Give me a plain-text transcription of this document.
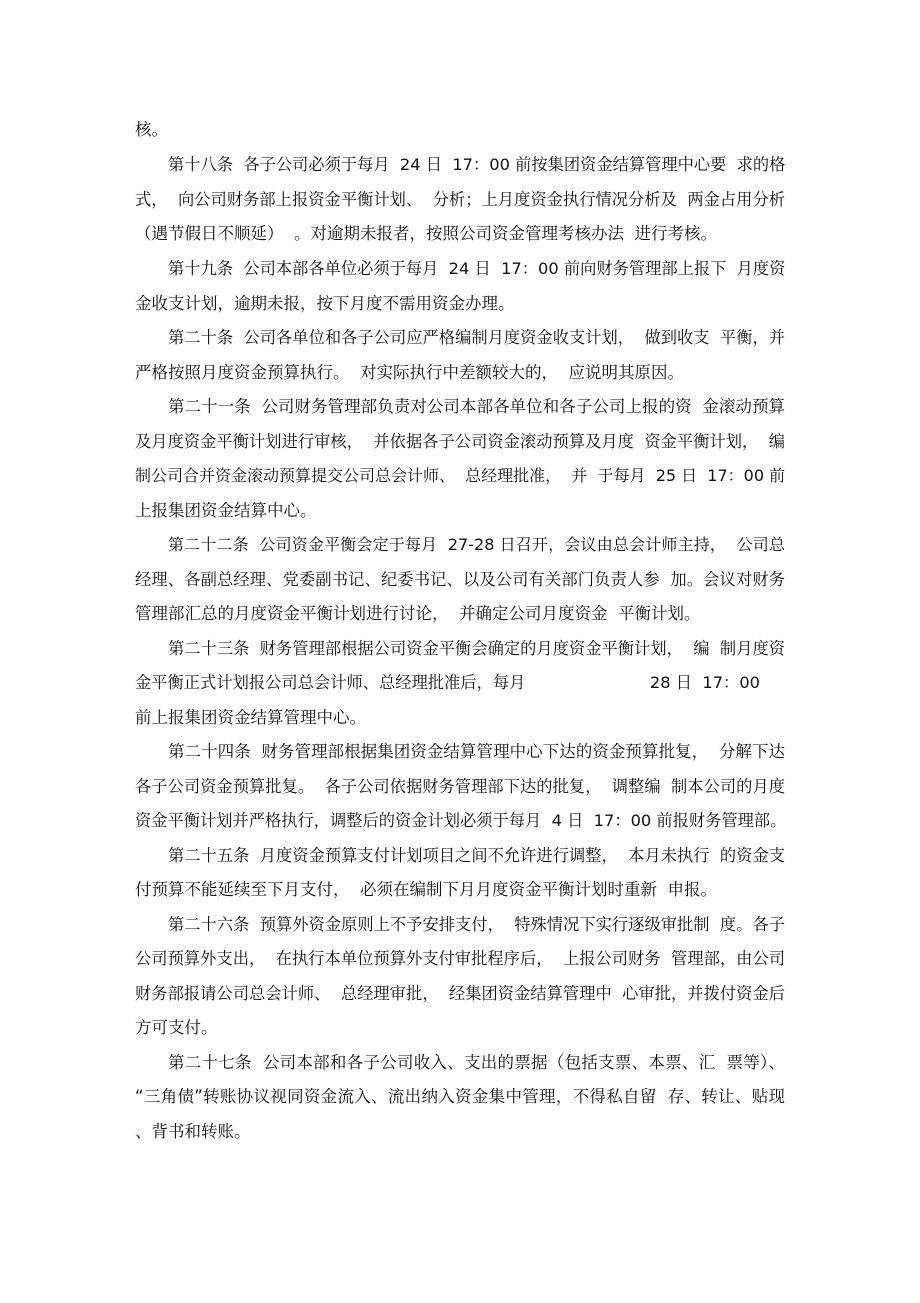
核。
第十八条  各子公司必须于每月  24 日  17：00 前按集团资金结算管理中心要  求的格
式，  向公司财务部上报资金平衡计划、  分析；上月度资金执行情况分析及  两金占用分析
（遇节假日不顺延）  。对逾期未报者，按照公司资金管理考核办法  进行考核。
第十九条  公司本部各单位必须于每月  24 日  17：00 前向财务管理部上报下  月度资
金收支计划，逾期未报，按下月度不需用资金办理。
第二十条  公司各单位和各子公司应严格编制月度资金收支计划，  做到收支  平衡，并
严格按照月度资金预算执行。  对实际执行中差额较大的，  应说明其原因。
第二十一条  公司财务管理部负责对公司本部各单位和各子公司上报的资  金滚动预算
及月度资金平衡计划进行审核，  并依据各子公司资金滚动预算及月度  资金平衡计划，  编
制公司合并资金滚动预算提交公司总会计师、  总经理批准，  并  于每月  25 日  17：00 前
上报集团资金结算中心。
第二十二条  公司资金平衡会定于每月  27-28 日召开，会议由总会计师主持，  公司总
经理、各副总经理、党委副书记、纪委书记、以及公司有关部门负责人参  加。会议对财务
管理部汇总的月度资金平衡计划进行讨论，  并确定公司月度资金  平衡计划。
第二十三条  财务管理部根据公司资金平衡会确定的月度资金平衡计划，  编  制月度资
金平衡正式计划报公司总会计师、总经理批准后，每月                        28 日  17：00
前上报集团资金结算管理中心。
第二十四条  财务管理部根据集团资金结算管理中心下达的资金预算批复，  分解下达
各子公司资金预算批复。  各子公司依据财务管理部下达的批复，  调整编  制本公司的月度
资金平衡计划并严格执行，调整后的资金计划必须于每月  4 日  17：00 前报财务管理部。
第二十五条  月度资金预算支付计划项目之间不允许进行调整，  本月未执行  的资金支
付预算不能延续至下月支付，  必须在编制下月月度资金平衡计划时重新  申报。
第二十六条  预算外资金原则上不予安排支付，  特殊情况下实行逐级审批制  度。各子
公司预算外支出，  在执行本单位预算外支付审批程序后，  上报公司财务  管理部，由公司
财务部报请公司总会计师、  总经理审批，  经集团资金结算管理中  心审批，并拨付资金后
方可支付。
第二十七条  公司本部和各子公司收入、支出的票据（包括支票、本票、汇  票等）、
“三角债”转账协议视同资金流入、流出纳入资金集中管理，不得私自留  存、转让、贴现
、背书和转账。
